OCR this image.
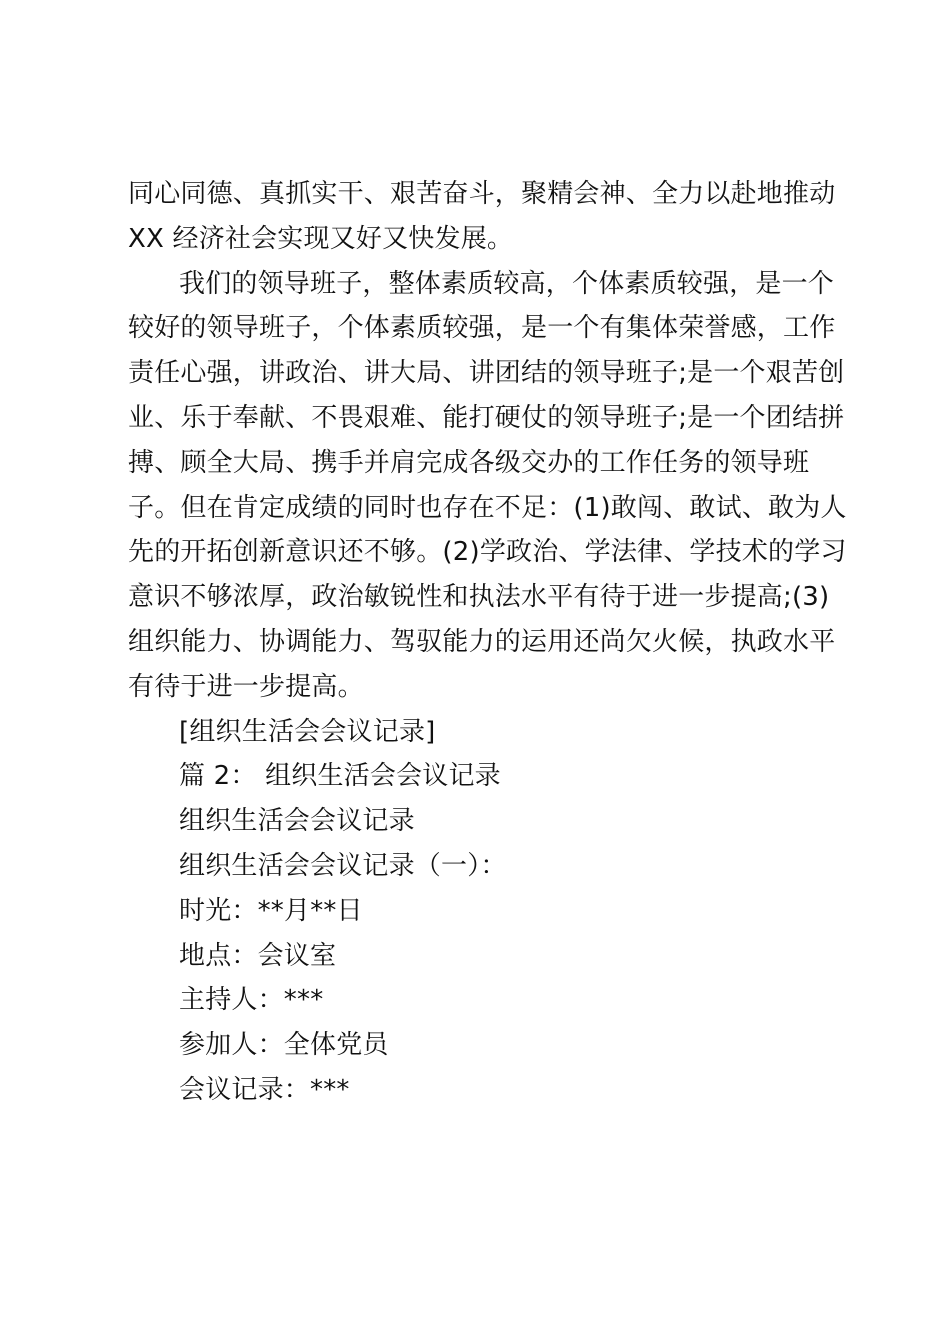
同心同德、真抓实干、艰苦奋斗，聚精会神、全力以赴地推动
XX 经济社会实现又好又快发展。
我们的领导班子，整体素质较高，个体素质较强，是一个
较好的领导班子，个体素质较强，是一个有集体荣誉感，工作
责任心强，讲政治、讲大局、讲团结的领导班子;是一个艰苦创
业、乐于奉献、不畏艰难、能打硬仗的领导班子;是一个团结拼
搏、顾全大局、携手并肩完成各级交办的工作任务的领导班
子。但在肯定成绩的同时也存在不足：(1)敢闯、敢试、敢为人
先的开拓创新意识还不够。(2)学政治、学法律、学技术的学习
意识不够浓厚，政治敏锐性和执法水平有待于进一步提高;(3)
组织能力、协调能力、驾驭能力的运用还尚欠火候，执政水平
有待于进一步提高。
[组织生活会会议记录]
篇 2： 组织生活会会议记录
组织生活会会议记录
组织生活会会议记录（一）：
时光：**月**日
地点：会议室
主持人：***
参加人：全体党员
会议记录：***
